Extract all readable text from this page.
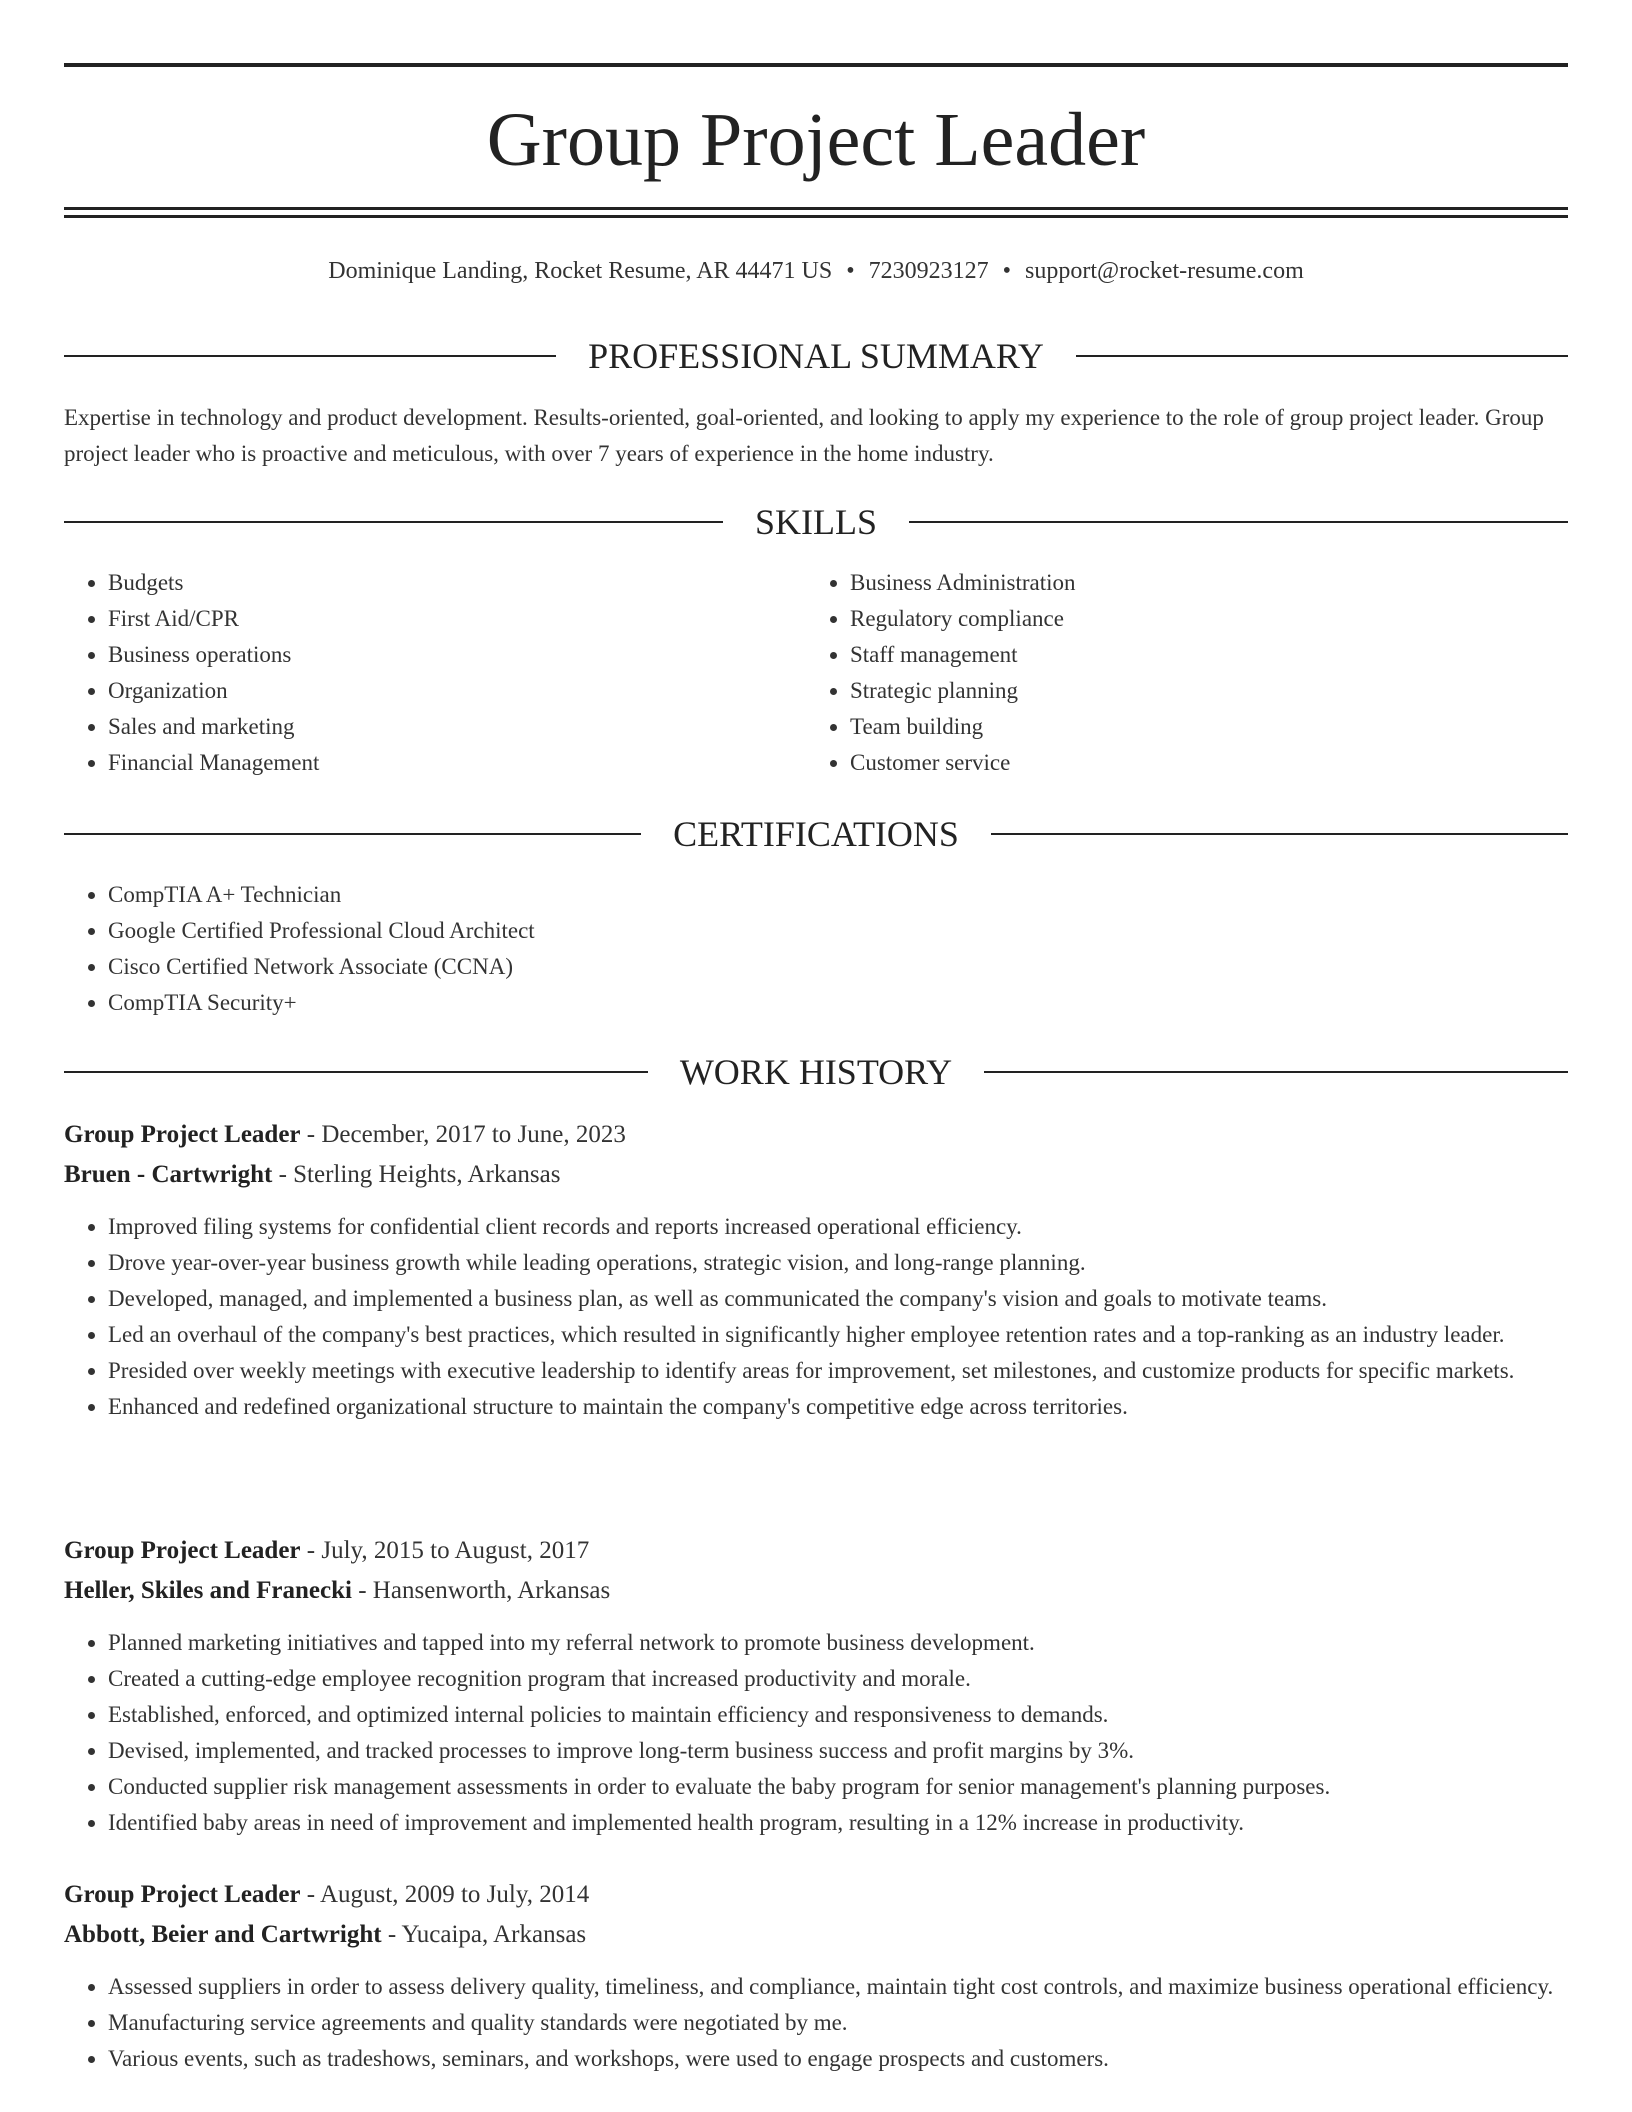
Group Project Leader
Dominique Landing, Rocket Resume, AR 44471 US • 7230923127 • support@rocket-resume.com
PROFESSIONAL SUMMARY

Expertise in technology and product development. Results-oriented, goal-oriented, and looking to apply my experience to the role of group project leader. Group project leader who is proactive and meticulous, with over 7 years of experience in the home industry.

SKILLS
• Budgets
• First Aid/CPR
• Business operations
• Organization
• Sales and marketing
• Financial Management
• Business Administration
• Regulatory compliance
• Staff management
• Strategic planning
• Team building
• Customer service
CERTIFICATIONS
• CompTIA A+ Technician
• Google Certified Professional Cloud Architect
• Cisco Certified Network Associate (CCNA)
• CompTIA Security+
WORK HISTORY
Group Project Leader - December, 2017 to June, 2023
Bruen - Cartwright - Sterling Heights, Arkansas
• Improved filing systems for confidential client records and reports increased operational efficiency.
• Drove year-over-year business growth while leading operations, strategic vision, and long-range planning.
• Developed, managed, and implemented a business plan, as well as communicated the company's vision and goals to motivate teams.
• Led an overhaul of the company's best practices, which resulted in significantly higher employee retention rates and a top-ranking as an industry leader.
• Presided over weekly meetings with executive leadership to identify areas for improvement, set milestones, and customize products for specific markets.
• Enhanced and redefined organizational structure to maintain the company's competitive edge across territories.
Group Project Leader - July, 2015 to August, 2017
Heller, Skiles and Franecki - Hansenworth, Arkansas
• Planned marketing initiatives and tapped into my referral network to promote business development.
• Created a cutting-edge employee recognition program that increased productivity and morale.
• Established, enforced, and optimized internal policies to maintain efficiency and responsiveness to demands.
• Devised, implemented, and tracked processes to improve long-term business success and profit margins by 3%.
• Conducted supplier risk management assessments in order to evaluate the baby program for senior management's planning purposes.
• Identified baby areas in need of improvement and implemented health program, resulting in a 12% increase in productivity.
Group Project Leader - August, 2009 to July, 2014
Abbott, Beier and Cartwright - Yucaipa, Arkansas
• Assessed suppliers in order to assess delivery quality, timeliness, and compliance, maintain tight cost controls, and maximize business operational efficiency.
• Manufacturing service agreements and quality standards were negotiated by me.
• Various events, such as tradeshows, seminars, and workshops, were used to engage prospects and customers.
